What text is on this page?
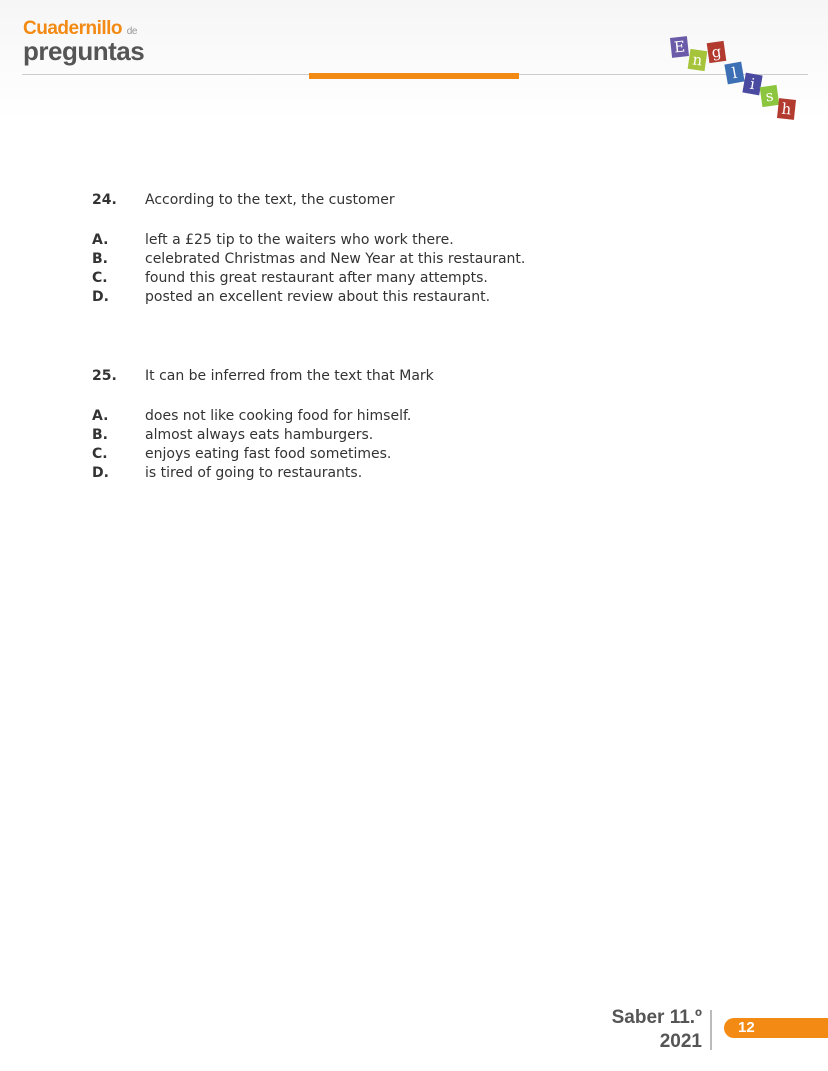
Cuadernillo de
preguntas	E
n g
l
i
s
h
24. According to the text, the customer
A.	left a £25 tip to the waiters who work there.
B.	celebrated Christmas and New Year at this restaurant.
C.	found this great restaurant after many attempts.
D.	posted an excellent review about this restaurant.
25. It can be inferred from the text that Mark
A.	does not like cooking food for himself.
B.	almost always eats hamburgers.
C.	enjoys eating fast food sometimes.
D.	is tired of going to restaurants.
Saber 11.º
2021
12
